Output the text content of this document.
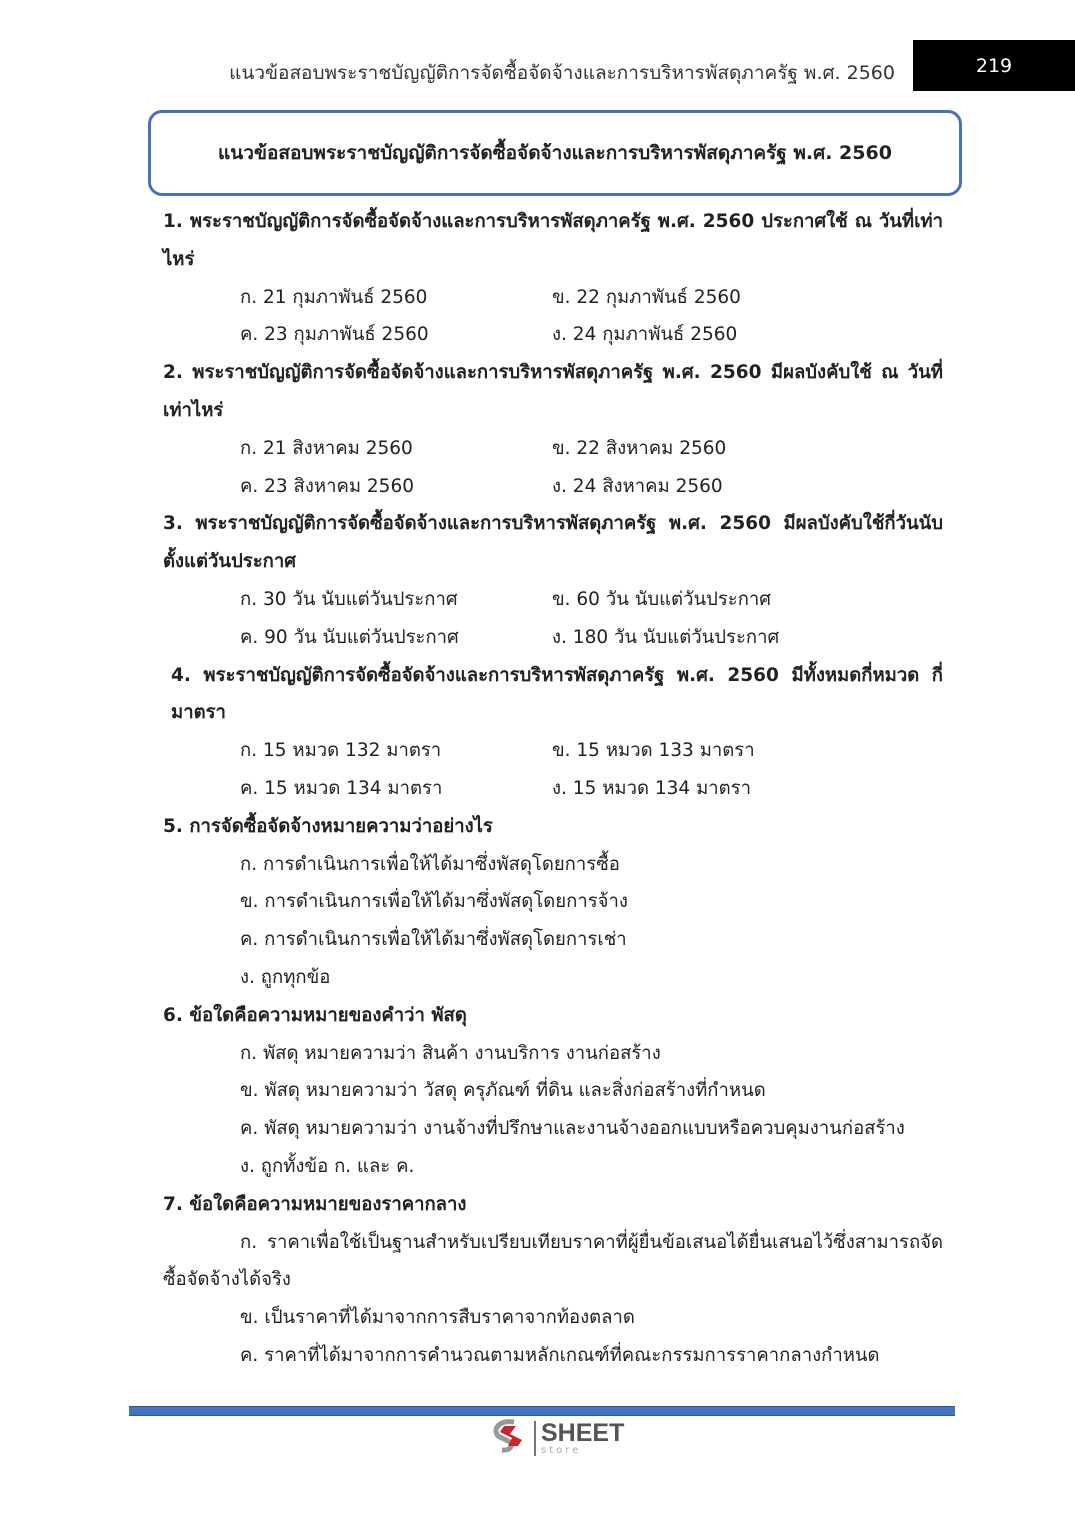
แนวข้อสอบพระราชบัญญัติการจัดซื้อจัดจ้างและการบริหารพัสดุภาครัฐ พ.ศ. 2560	219
แนวข้อสอบพระราชบัญญัติการจัดซื้อจัดจ้างและการบริหารพัสดุภาครัฐ พ.ศ. 2560
1. พระราชบัญญัติการจัดซื้อจัดจ้างและการบริหารพัสดุภาครัฐ พ.ศ. 2560 ประกาศใช้ ณ วันที่เท่าไหร่
ก. 21 กุมภาพันธ์ 2560	ข. 22 กุมภาพันธ์ 2560
ค. 23 กุมภาพันธ์ 2560	ง. 24 กุมภาพันธ์ 2560
2. พระราชบัญญัติการจัดซื้อจัดจ้างและการบริหารพัสดุภาครัฐ พ.ศ. 2560 มีผลบังคับใช้ ณ วันที่เท่าไหร่
ก. 21 สิงหาคม 2560	ข. 22 สิงหาคม 2560
ค. 23 สิงหาคม 2560	ง. 24 สิงหาคม 2560
3. พระราชบัญญัติการจัดซื้อจัดจ้างและการบริหารพัสดุภาครัฐ พ.ศ. 2560 มีผลบังคับใช้กี่วันนับตั้งแต่วันประกาศ
ก. 30 วัน นับแต่วันประกาศ	ข. 60 วัน นับแต่วันประกาศ
ค. 90 วัน นับแต่วันประกาศ	ง. 180 วัน นับแต่วันประกาศ
4. พระราชบัญญัติการจัดซื้อจัดจ้างและการบริหารพัสดุภาครัฐ พ.ศ. 2560 มีทั้งหมดกี่หมวด กี่มาตรา
ก. 15 หมวด 132 มาตรา	ข. 15 หมวด 133 มาตรา
ค. 15 หมวด 134 มาตรา	ง. 15 หมวด 134 มาตรา
5. การจัดซื้อจัดจ้างหมายความว่าอย่างไร
ก. การดำเนินการเพื่อให้ได้มาซึ่งพัสดุโดยการซื้อ
ข. การดำเนินการเพื่อให้ได้มาซึ่งพัสดุโดยการจ้าง
ค. การดำเนินการเพื่อให้ได้มาซึ่งพัสดุโดยการเช่า
ง. ถูกทุกข้อ
6. ข้อใดคือความหมายของคำว่า พัสดุ
ก. พัสดุ หมายความว่า สินค้า งานบริการ งานก่อสร้าง
ข. พัสดุ หมายความว่า วัสดุ ครุภัณฑ์ ที่ดิน และสิ่งก่อสร้างที่กำหนด
ค. พัสดุ หมายความว่า งานจ้างที่ปรึกษาและงานจ้างออกแบบหรือควบคุมงานก่อสร้าง
ง. ถูกทั้งข้อ ก. และ ค.
7. ข้อใดคือความหมายของราคากลาง
ก. ราคาเพื่อใช้เป็นฐานสำหรับเปรียบเทียบราคาที่ผู้ยื่นข้อเสนอได้ยื่นเสนอไว้ซึ่งสามารถจัดซื้อจัดจ้างได้จริง
ข. เป็นราคาที่ได้มาจากการสืบราคาจากท้องตลาด
ค. ราคาที่ได้มาจากการคำนวณตามหลักเกณฑ์ที่คณะกรรมการราคากลางกำหนด
SHEET
store
